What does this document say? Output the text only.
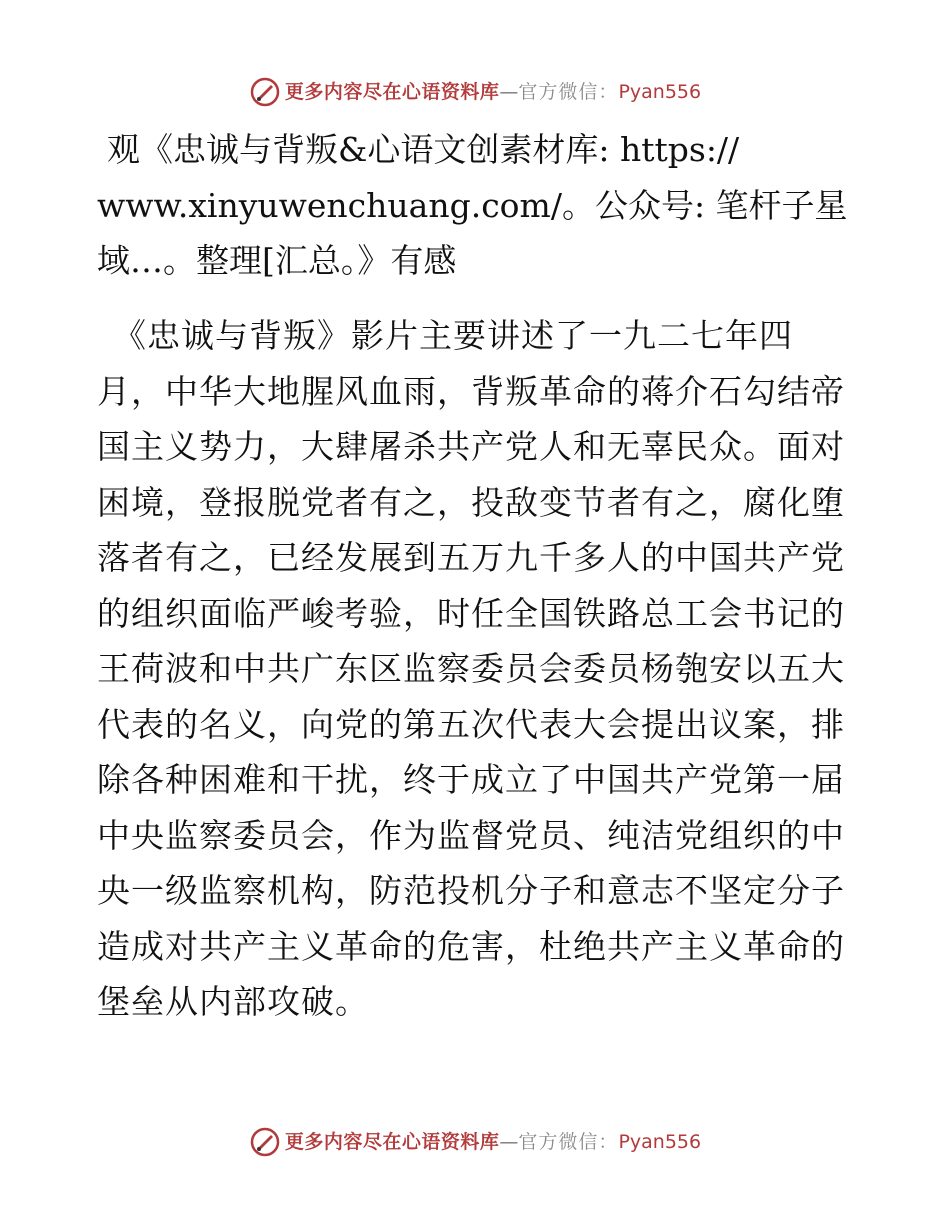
更多内容尽在心语资料库 — 官方微信： Pyan556
观《忠诚与背叛&心语文创素材库: https://
www.xinyuwenchuang.com/。公众号: 笔杆子星
域…。整理[汇总。》有感
《忠诚与背叛》影片主要讲述了一九二七年四
月，中华大地腥风血雨，背叛革命的蒋介石勾结帝
国主义势力，大肆屠杀共产党人和无辜民众。面对
困境，登报脱党者有之，投敌变节者有之，腐化堕
落者有之，已经发展到五万九千多人的中国共产党
的组织面临严峻考验，时任全国铁路总工会书记的
王荷波和中共广东区监察委员会委员杨匏安以五大
代表的名义，向党的第五次代表大会提出议案，排
除各种困难和干扰，终于成立了中国共产党第一届
中央监察委员会，作为监督党员、纯洁党组织的中
央一级监察机构，防范投机分子和意志不坚定分子
造成对共产主义革命的危害，杜绝共产主义革命的
堡垒从内部攻破。
更多内容尽在心语资料库 — 官方微信： Pyan556
